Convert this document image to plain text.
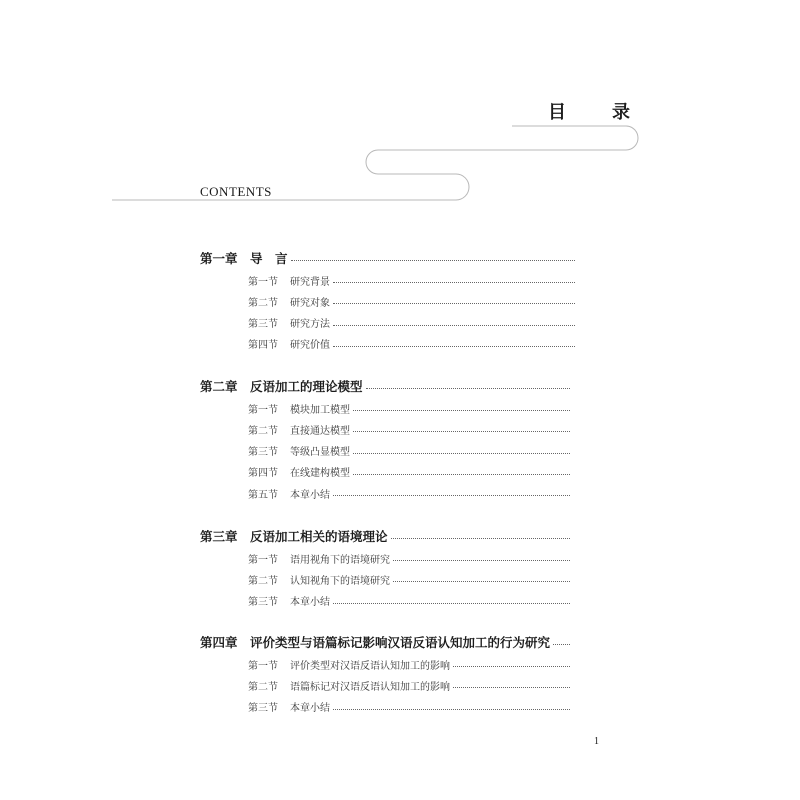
目　录
CONTENTS
第一章 导　言
第一节	研究背景
第二节	研究对象
第三节	研究方法
第四节	研究价值
第二章 反语加工的理论模型
第一节	模块加工模型
第二节	直接通达模型
第三节	等级凸显模型
第四节	在线建构模型
第五节	本章小结
第三章 反语加工相关的语境理论
第一节	语用视角下的语境研究
第二节	认知视角下的语境研究
第三节	本章小结
第四章 评价类型与语篇标记影响汉语反语认知加工的行为研究
第一节	评价类型对汉语反语认知加工的影响
第二节	语篇标记对汉语反语认知加工的影响
第三节	本章小结
1
